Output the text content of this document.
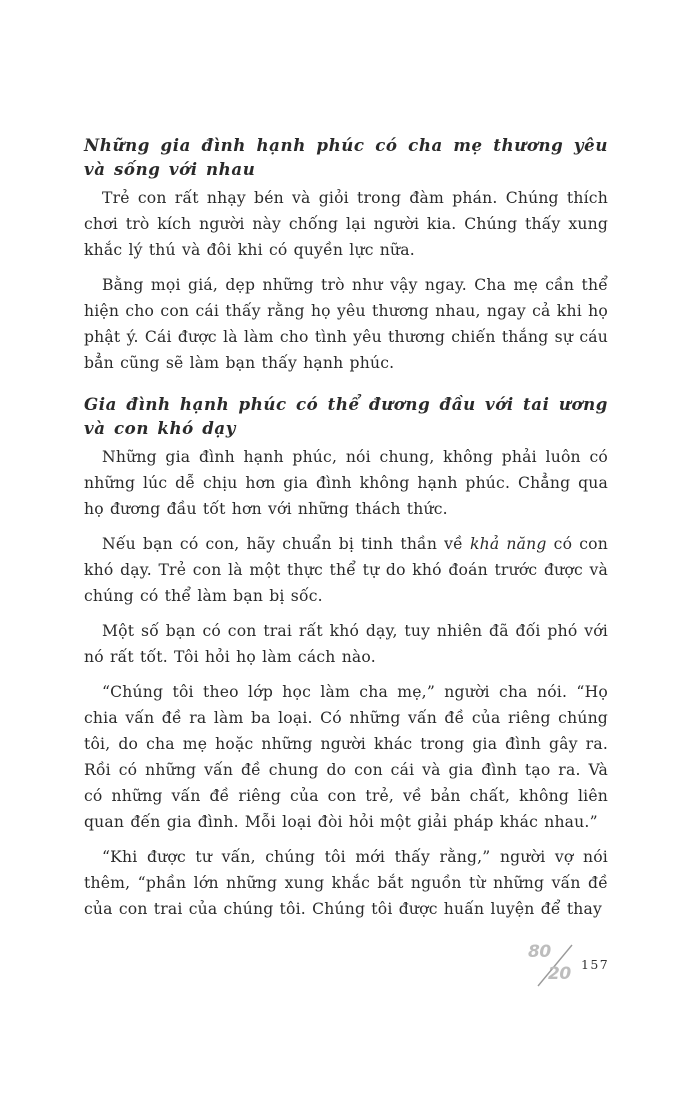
Những gia đình hạnh phúc có cha mẹ thương yêu và sống với nhau

Trẻ con rất nhạy bén và giỏi trong đàm phán. Chúng thích chơi trò kích người này chống lại người kia. Chúng thấy xung khắc lý thú và đôi khi có quyền lực nữa.

Bằng mọi giá, dẹp những trò như vậy ngay. Cha mẹ cần thể hiện cho con cái thấy rằng họ yêu thương nhau, ngay cả khi họ phật ý. Cái được là làm cho tình yêu thương chiến thắng sự cáu bẳn cũng sẽ làm bạn thấy hạnh phúc.

Gia đình hạnh phúc có thể đương đầu với tai ương và con khó dạy

Những gia đình hạnh phúc, nói chung, không phải luôn có những lúc dễ chịu hơn gia đình không hạnh phúc. Chẳng qua họ đương đầu tốt hơn với những thách thức.

Nếu bạn có con, hãy chuẩn bị tinh thần về khả năng có con khó dạy. Trẻ con là một thực thể tự do khó đoán trước được và chúng có thể làm bạn bị sốc.

Một số bạn có con trai rất khó dạy, tuy nhiên đã đối phó với nó rất tốt. Tôi hỏi họ làm cách nào.

“Chúng tôi theo lớp học làm cha mẹ,” người cha nói. “Họ chia vấn đề ra làm ba loại. Có những vấn đề của riêng chúng tôi, do cha mẹ hoặc những người khác trong gia đình gây ra. Rồi có những vấn đề chung do con cái và gia đình tạo ra. Và có những vấn đề riêng của con trẻ, về bản chất, không liên quan đến gia đình. Mỗi loại đòi hỏi một giải pháp khác nhau.”

“Khi được tư vấn, chúng tôi mới thấy rằng,” người vợ nói thêm, “phần lớn những xung khắc bắt nguồn từ những vấn đề của con trai của chúng tôi. Chúng tôi được huấn luyện để thay

80
20 157
